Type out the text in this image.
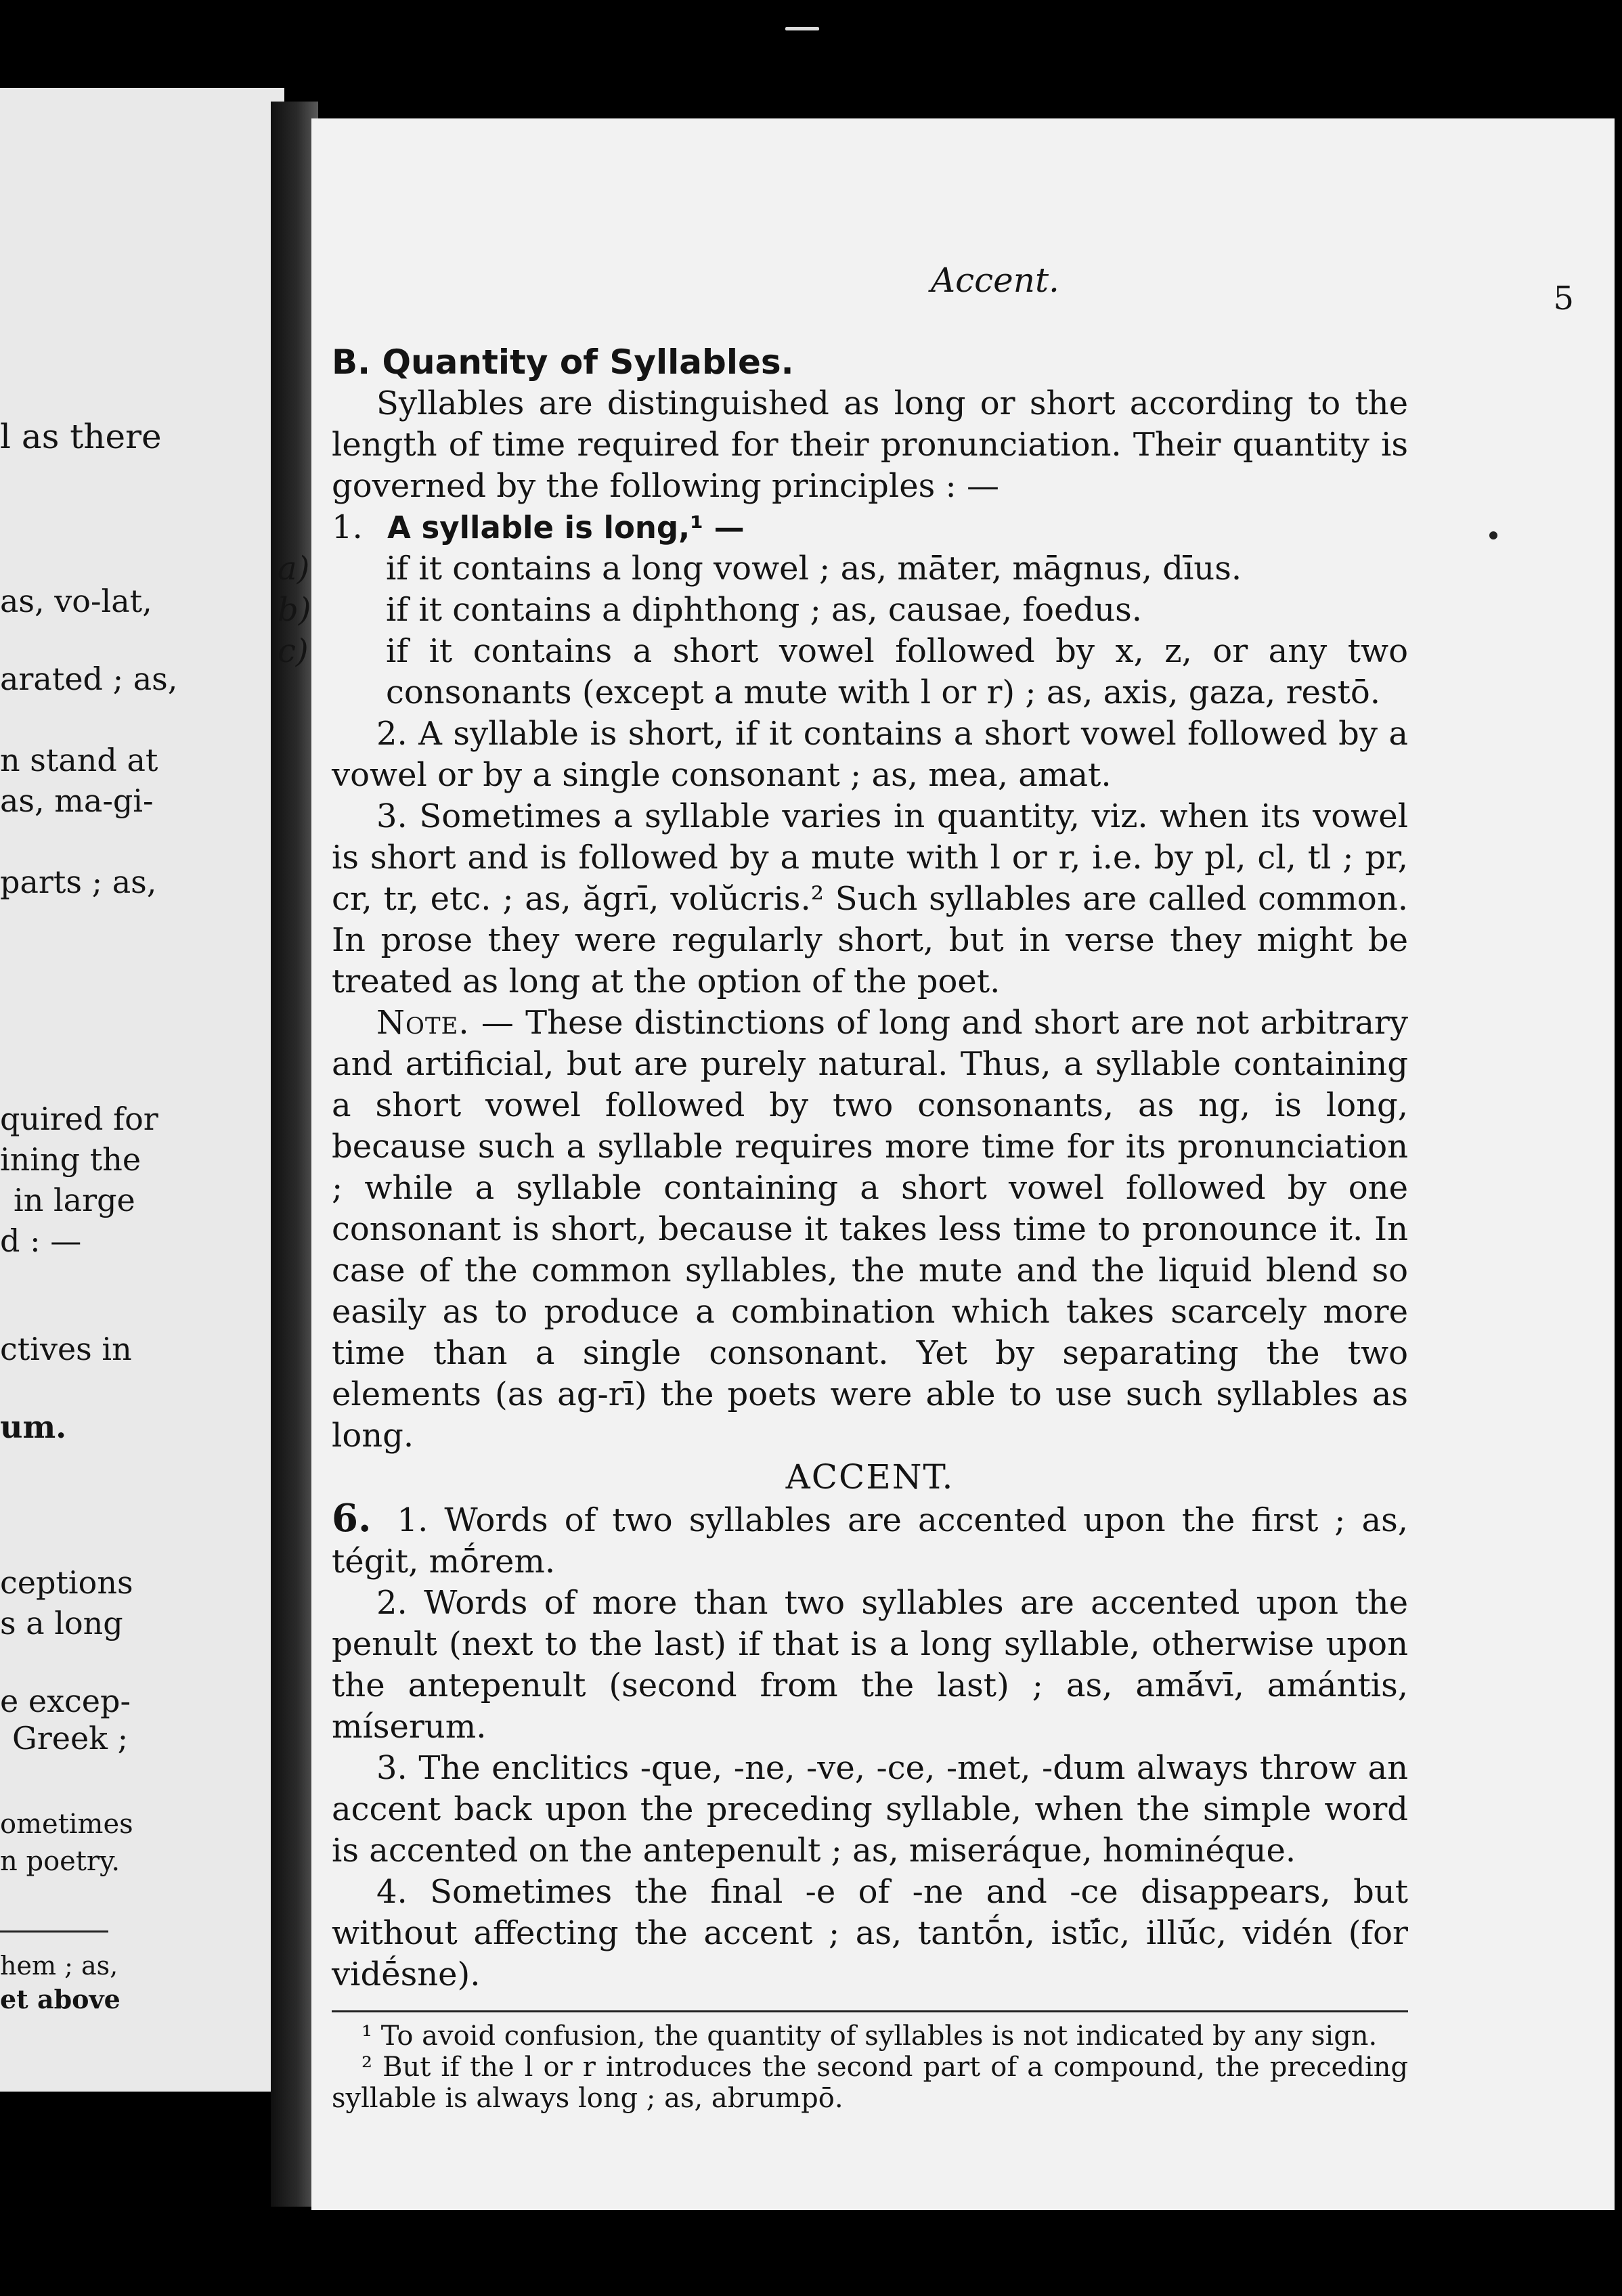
l as there
as, vo-lat,
arated ; as,
n stand at
as, ma-gi-
parts ; as,
quired for
ining the
in large
d : —
ctives in
um.
ceptions
s a long
e excep-
Greek ;
ometimes
n poetry.
hem ; as,
et above
Accent.	5

B. Quantity of Syllables.

Syllables are distinguished as long or short according to the length of time required for their pronunciation. Their quantity is governed by the following principles : —

1. A syllable is long,¹ —

a) if it contains a long vowel ; as, māter, māgnus, dīus.

b) if it contains a diphthong ; as, causae, foedus.

c) if it contains a short vowel followed by x, z, or any two consonants (except a mute with l or r) ; as, axis, gaza, restō.

2. A syllable is short, if it contains a short vowel followed by a vowel or by a single consonant ; as, mea, amat.

3. Sometimes a syllable varies in quantity, viz. when its vowel is short and is followed by a mute with l or r, i.e. by pl, cl, tl ; pr, cr, tr, etc. ; as, ăgrī, volŭcris.² Such syllables are called common. In prose they were regularly short, but in verse they might be treated as long at the option of the poet.

Note. — These distinctions of long and short are not arbitrary and artificial, but are purely natural. Thus, a syllable containing a short vowel followed by two consonants, as ng, is long, because such a syllable requires more time for its pronunciation ; while a syllable containing a short vowel followed by one consonant is short, because it takes less time to pronounce it. In case of the common syllables, the mute and the liquid blend so easily as to produce a combination which takes scarcely more time than a single consonant. Yet by separating the two elements (as ag-rī) the poets were able to use such syllables as long.

ACCENT.

6. 1. Words of two syllables are accented upon the first ; as, tégit, mṓrem.

2. Words of more than two syllables are accented upon the penult (next to the last) if that is a long syllable, otherwise upon the antepenult (second from the last) ; as, amā́vī, amántis, míserum.

3. The enclitics -que, -ne, -ve, -ce, -met, -dum always throw an accent back upon the preceding syllable, when the simple word is accented on the antepenult ; as, miseráque, hominéque.

4. Sometimes the final -e of -ne and -ce disappears, but without affecting the accent ; as, tantṓn, istī́c, illū́c, vidén (for vidḗsne).

¹ To avoid confusion, the quantity of syllables is not indicated by any sign.

² But if the l or r introduces the second part of a compound, the preceding syllable is always long ; as, abrumpō.
